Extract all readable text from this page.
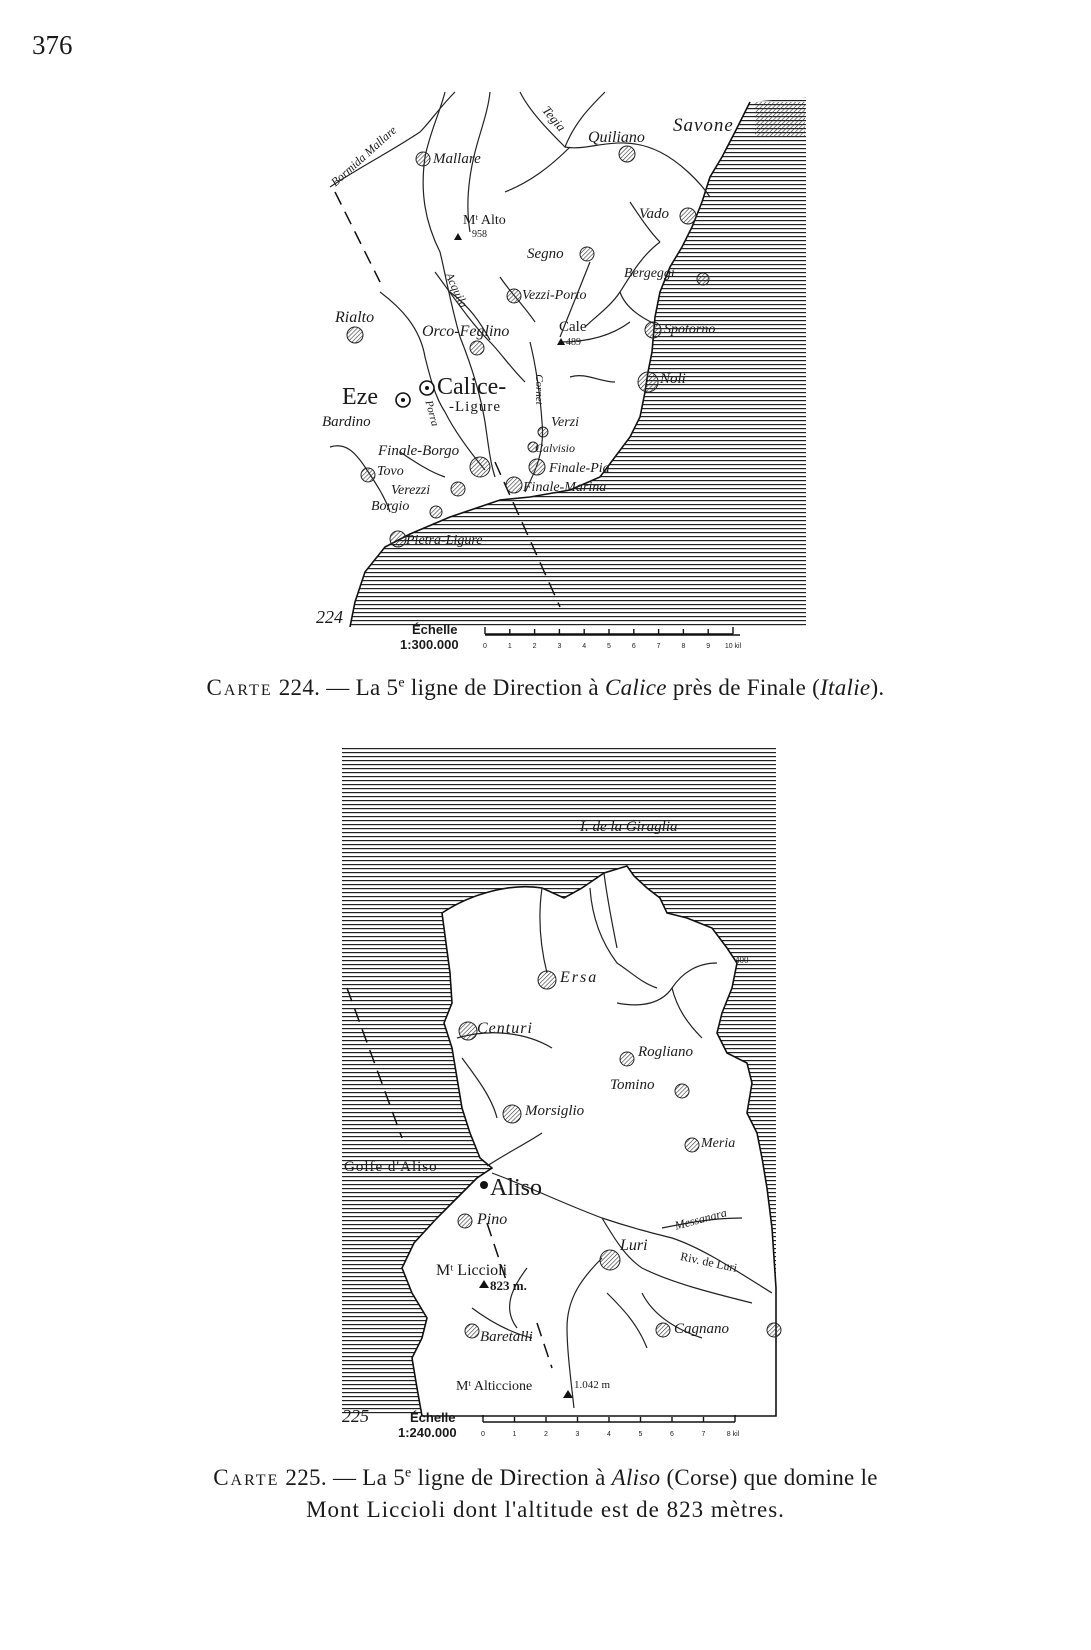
376
Savone
Quiliano
Tegia
Mallare
Bormida Mallare
Mᵗ Alto
958
Vado
Segno
Bergeggi
Vezzi-Porto
Acquila
Rialto
Orco-Feglino	Cale
489
Spotorno
Noli
Eze Calice-
-Ligure
Porra
Cornet
Bardino	Verzi
Finale-Borgo	Calvisio
Tovo	Finale-Pia
Verezzi	Finale-Marina
Borgio
Pietra-Ligure
224
Échelle
1:300.000	0	1	2	3	4	5	6	7	8	9 10 kil
Carte 224. — La 5e ligne de Direction à Calice près de Finale (Italie).
I. de la Giraglia
Ersa
400
Centuri
Rogliano
Tomino
Morsiglio
Meria
Golfe d'Aliso
Aliso
Pino	Messanara
Luri
Riv. de Luri
Mᵗ Liccioli
823 m.
Baretalli	Cagnano
Mᵗ Alticcione	1.042 m
225	Échelle
1:240.000	0	1	2	3	4	5	6	7	8 kil
Carte 225. — La 5e ligne de Direction à Aliso (Corse) que domine le
Mont Liccioli dont l'altitude est de 823 mètres.
